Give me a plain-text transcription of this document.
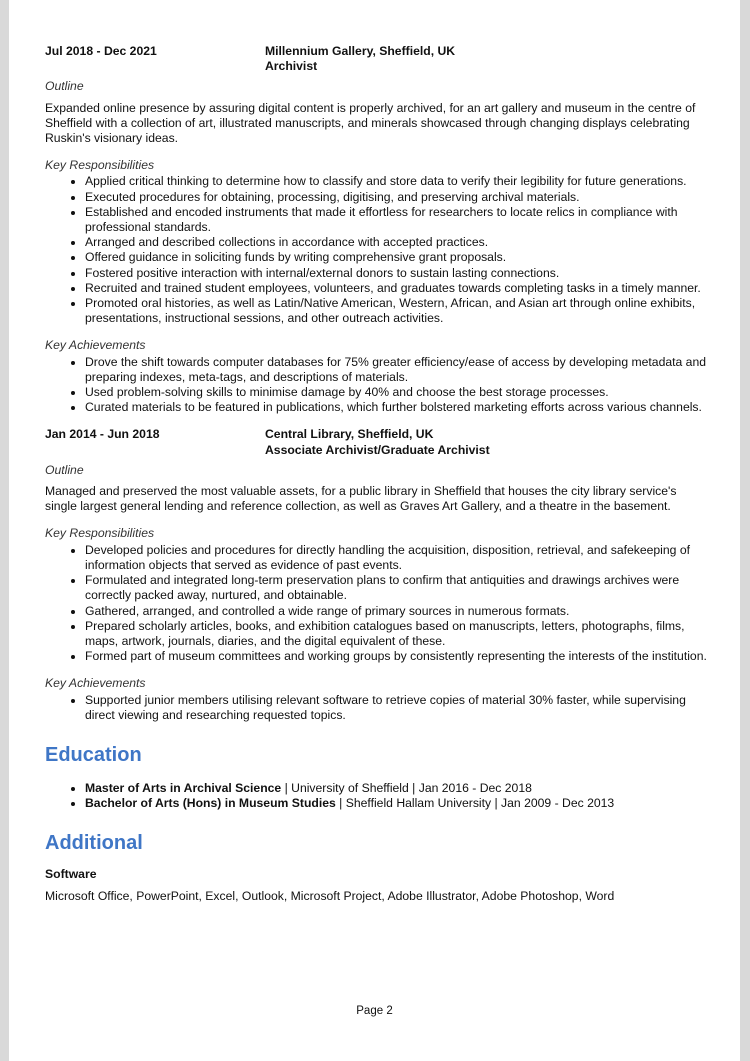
Jul 2018 - Dec 2021	Millennium Gallery, Sheffield, UK
Archivist
Outline

Expanded online presence by assuring digital content is properly archived, for an art gallery and museum in the centre of Sheffield with a collection of art, illustrated manuscripts, and minerals showcased through changing displays celebrating Ruskin's visionary ideas.

Key Responsibilities
• Applied critical thinking to determine how to classify and store data to verify their legibility for future generations.
• Executed procedures for obtaining, processing, digitising, and preserving archival materials.
• Established and encoded instruments that made it effortless for researchers to locate relics in compliance with professional standards.
• Arranged and described collections in accordance with accepted practices.
• Offered guidance in soliciting funds by writing comprehensive grant proposals.
• Fostered positive interaction with internal/external donors to sustain lasting connections.
• Recruited and trained student employees, volunteers, and graduates towards completing tasks in a timely manner.
• Promoted oral histories, as well as Latin/Native American, Western, African, and Asian art through online exhibits, presentations, instructional sessions, and other outreach activities.
Key Achievements
• Drove the shift towards computer databases for 75% greater efficiency/ease of access by developing metadata and preparing indexes, meta-tags, and descriptions of materials.
• Used problem-solving skills to minimise damage by 40% and choose the best storage processes.
• Curated materials to be featured in publications, which further bolstered marketing efforts across various channels.
Jan 2014 - Jun 2018	Central Library, Sheffield, UK
Associate Archivist/Graduate Archivist
Outline

Managed and preserved the most valuable assets, for a public library in Sheffield that houses the city library service's single largest general lending and reference collection, as well as Graves Art Gallery, and a theatre in the basement.

Key Responsibilities
• Developed policies and procedures for directly handling the acquisition, disposition, retrieval, and safekeeping of information objects that served as evidence of past events.
• Formulated and integrated long-term preservation plans to confirm that antiquities and drawings archives were correctly packed away, nurtured, and obtainable.
• Gathered, arranged, and controlled a wide range of primary sources in numerous formats.
• Prepared scholarly articles, books, and exhibition catalogues based on manuscripts, letters, photographs, films, maps, artwork, journals, diaries, and the digital equivalent of these.
• Formed part of museum committees and working groups by consistently representing the interests of the institution.
Key Achievements
• Supported junior members utilising relevant software to retrieve copies of material 30% faster, while supervising direct viewing and researching requested topics.
Education
• Master of Arts in Archival Science | University of Sheffield | Jan 2016 - Dec 2018
• Bachelor of Arts (Hons) in Museum Studies | Sheffield Hallam University | Jan 2009 - Dec 2013
Additional
Software

Microsoft Office, PowerPoint, Excel, Outlook, Microsoft Project, Adobe Illustrator, Adobe Photoshop, Word

Page 2
